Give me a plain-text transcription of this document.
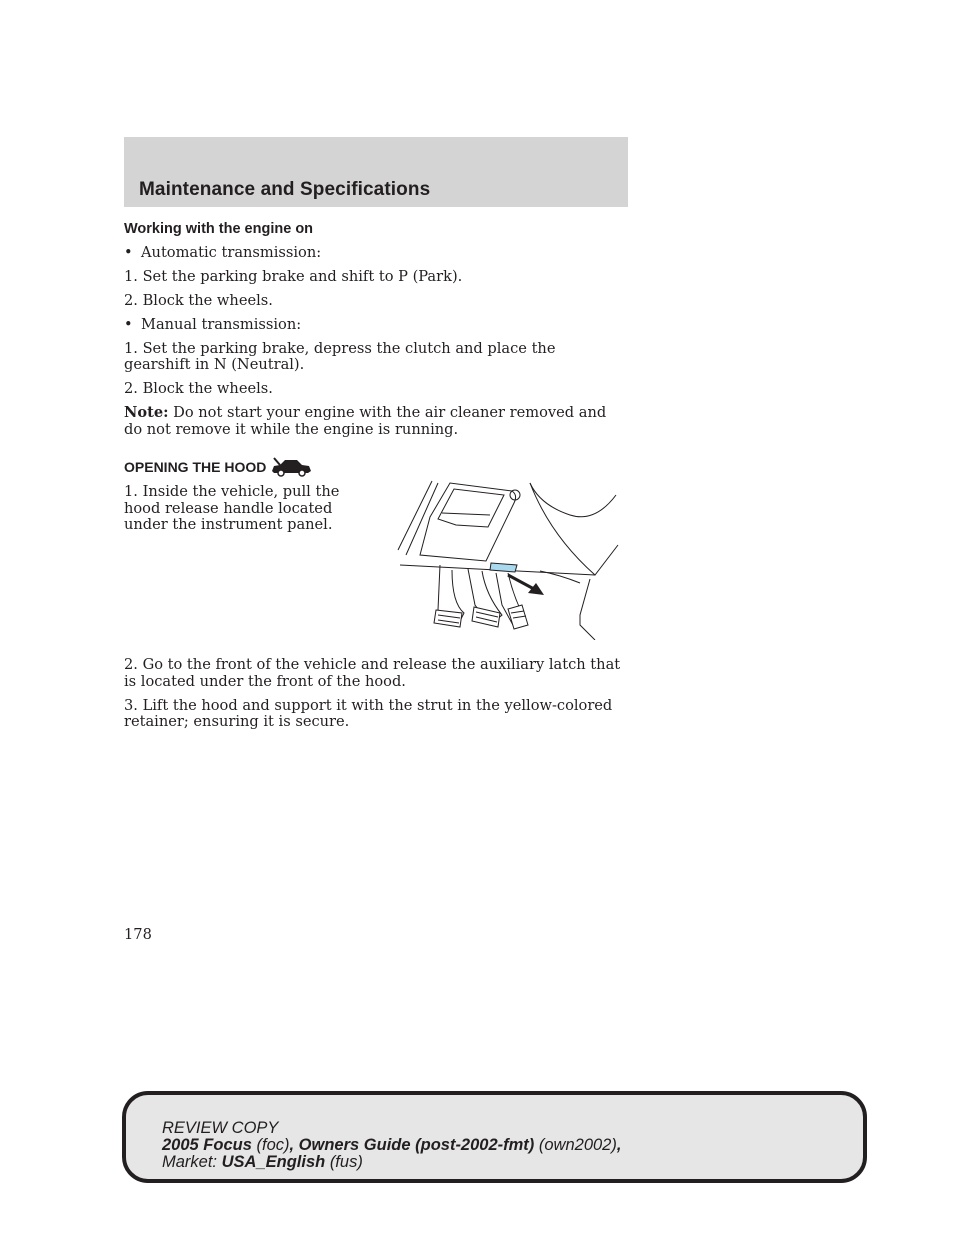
Maintenance and Specifications

Working with the engine on

• Automatic transmission:

1. Set the parking brake and shift to P (Park).

2. Block the wheels.

• Manual transmission:

1. Set the parking brake, depress the clutch and place the gearshift in N (Neutral).

2. Block the wheels.

Note: Do not start your engine with the air cleaner removed and do not remove it while the engine is running.

OPENING THE HOOD

1. Inside the vehicle, pull the hood release handle located under the instrument panel.

2. Go to the front of the vehicle and release the auxiliary latch that is located under the front of the hood.

3. Lift the hood and support it with the strut in the yellow-colored retainer; ensuring it is secure.

178
REVIEW COPY
2005 Focus (foc), Owners Guide (post-2002-fmt) (own2002),
Market: USA_English (fus)
